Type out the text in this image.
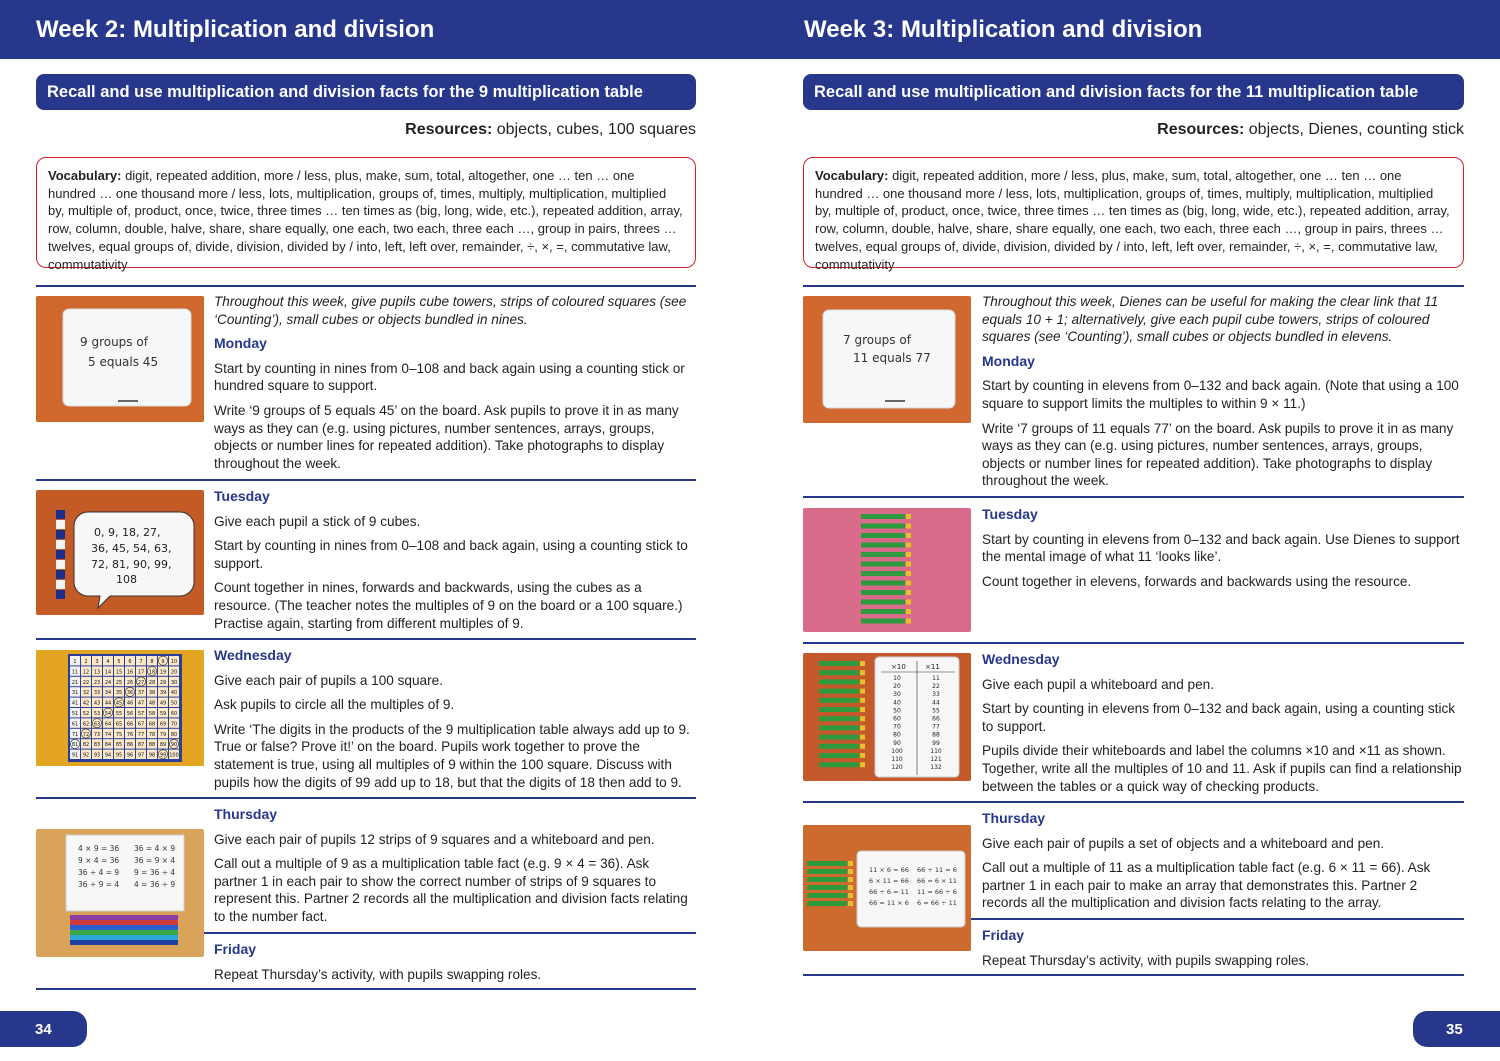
Week 2: Multiplication and division
Recall and use multiplication and division facts for the 9 multiplication table
Resources: objects, cubes, 100 squares
Vocabulary: digit, repeated addition, more / less, plus, make, sum, total, altogether, one … ten … one hundred … one thousand more / less, lots, multiplication, groups of, times, multiply, multiplication, multiplied by, multiple of, product, once, twice, three times … ten times as (big, long, wide, etc.), repeated addition, array, row, column, double, halve, share, share equally, one each, two each, three each …, group in pairs, threes … twelves, equal groups of, divide, division, divided by / into, left, left over, remainder, ÷, ×, =, commutative law, commutativity
9 groups of
5 equals 45
0, 9, 18, 27,
36, 45, 54, 63,
72, 81, 90, 99,
108
1 2 3 4 5 6 7 8 9 10
11 12 13 14 15 16 17 18 19 20
21 22 23 24 25 26 27 28 29 30
31 32 33 34 35 36 37 38 39 40
41 42 43 44 45 46 47 48 49 50
51 52 53 54 55 56 57 58 59 60
61 62 63 64 65 66 67 68 69 70
71 72 73 74 75 76 77 78 79 80
81 82 83 84 85 86 87 88 89 90
91 92 93 94 95 96 97 98 99 100
4 × 9 = 36
9 × 4 = 36
36 ÷ 4 = 9
36 ÷ 9 = 4
36 = 4 × 9
36 = 9 × 4
9 = 36 ÷ 4
4 = 36 ÷ 9

Throughout this week, give pupils cube towers, strips of coloured squares (see ‘Counting’), small cubes or objects bundled in nines.

Monday

Start by counting in nines from 0–108 and back again using a counting stick or hundred square to support.

Write ‘9 groups of 5 equals 45’ on the board. Ask pupils to prove it in as many ways as they can (e.g. using pictures, number sentences, arrays, groups, objects or number lines for repeated addition). Take photographs to display throughout the week.

Tuesday

Give each pupil a stick of 9 cubes.

Start by counting in nines from 0–108 and back again, using a counting stick to support.

Count together in nines, forwards and backwards, using the cubes as a resource. (The teacher notes the multiples of 9 on the board or a 100 square.) Practise again, starting from different multiples of 9.

Wednesday

Give each pair of pupils a 100 square.

Ask pupils to circle all the multiples of 9.

Write ‘The digits in the products of the 9 multiplication table always add up to 9. True or false? Prove it!’ on the board. Pupils work together to prove the statement is true, using all multiples of 9 within the 100 square. Discuss with pupils how the digits of 99 add up to 18, but that the digits of 18 then add to 9.

Thursday

Give each pair of pupils 12 strips of 9 squares and a whiteboard and pen.

Call out a multiple of 9 as a multiplication table fact (e.g. 9 × 4 = 36). Ask partner 1 in each pair to show the correct number of strips of 9 squares to represent this. Partner 2 records all the multiplication and division facts relating to the number fact.

Friday

Repeat Thursday’s activity, with pupils swapping roles.

34
Week 3: Multiplication and division
Recall and use multiplication and division facts for the 11 multiplication table
Resources: objects, Dienes, counting stick
Vocabulary: digit, repeated addition, more / less, plus, make, sum, total, altogether, one … ten … one hundred … one thousand more / less, lots, multiplication, groups of, times, multiply, multiplication, multiplied by, multiple of, product, once, twice, three times … ten times as (big, long, wide, etc.), repeated addition, array, row, column, double, halve, share, share equally, one each, two each, three each …, group in pairs, threes … twelves, equal groups of, divide, division, divided by / into, left, left over, remainder, ÷, ×, =, commutative law, commutativity
7 groups of
11 equals 77
×10	×11
10
20
30
40
50
60
70
80
90
100
110
120
11
22
33
44
55
66
77
88
99
110
121
132
11 × 6 = 66
6 × 11 = 66
66 ÷ 6 = 11
66 = 11 × 6
66 ÷ 11 = 6
66 = 6 × 11
11 = 66 ÷ 6
6 = 66 ÷ 11

Throughout this week, Dienes can be useful for making the clear link that 11 equals 10 + 1; alternatively, give each pupil cube towers, strips of coloured squares (see ‘Counting’), small cubes or objects bundled in elevens.

Monday

Start by counting in elevens from 0–132 and back again. (Note that using a 100 square to support limits the multiples to within 9 × 11.)

Write ‘7 groups of 11 equals 77’ on the board. Ask pupils to prove it in as many ways as they can (e.g. using pictures, number sentences, arrays, groups, objects or number lines for repeated addition). Take photographs to display throughout the week.

Tuesday

Start by counting in elevens from 0–132 and back again. Use Dienes to support the mental image of what 11 ‘looks like’.

Count together in elevens, forwards and backwards using the resource.

Wednesday

Give each pupil a whiteboard and pen.

Start by counting in elevens from 0–132 and back again, using a counting stick to support.

Pupils divide their whiteboards and label the columns ×10 and ×11 as shown. Together, write all the multiples of 10 and 11. Ask if pupils can find a relationship between the tables or a quick way of checking products.

Thursday

Give each pair of pupils a set of objects and a whiteboard and pen.

Call out a multiple of 11 as a multiplication table fact (e.g. 6 × 11 = 66). Ask partner 1 in each pair to make an array that demonstrates this. Partner 2 records all the multiplication and division facts relating to the array.

Friday

Repeat Thursday’s activity, with pupils swapping roles.

35
